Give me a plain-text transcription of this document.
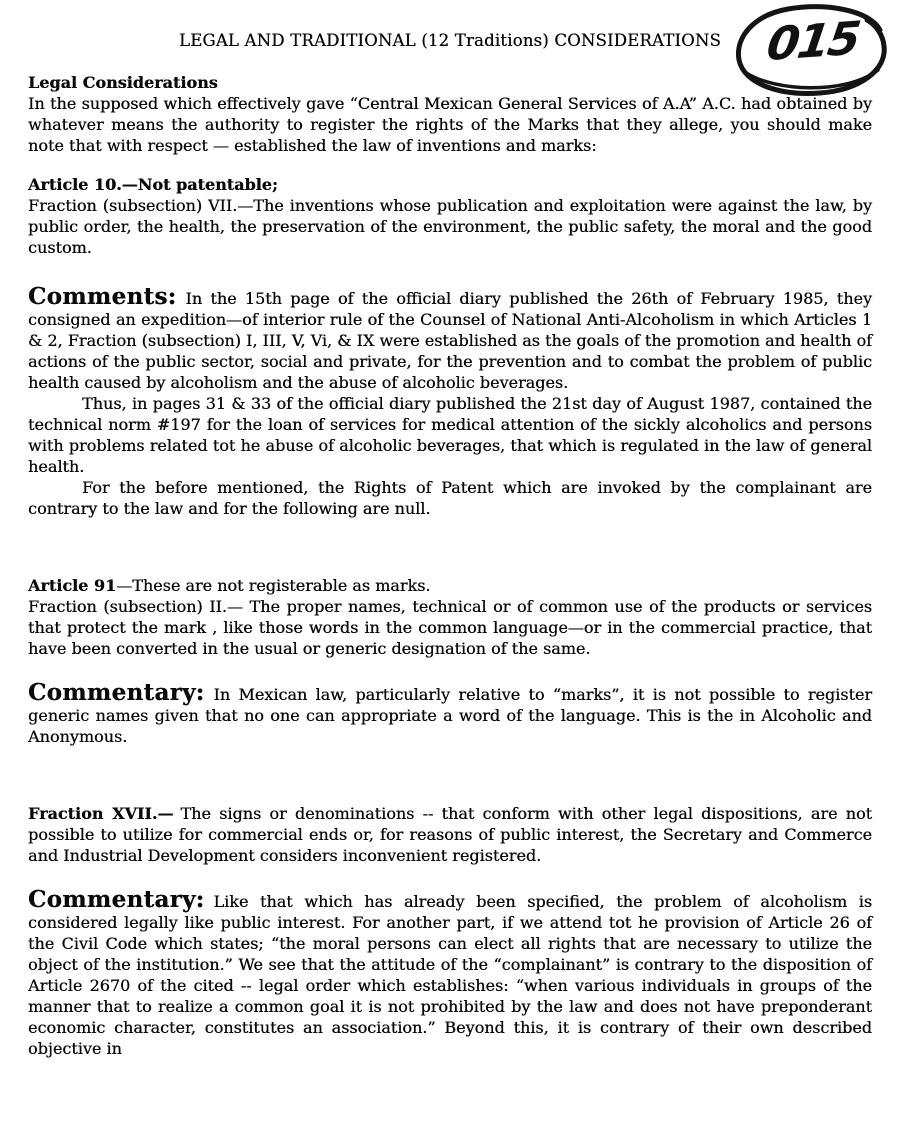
015
LEGAL AND TRADITIONAL (12 Traditions) CONSIDERATIONS

Legal Considerations

In the supposed which effectively gave “Central Mexican General Services of A.A” A.C. had obtained by whatever means the authority to register the rights of the Marks that they allege, you should make note that with respect — established the law of inventions and marks:

Article 10.—Not patentable;

Fraction (subsection) VII.—The inventions whose publication and exploitation were against the law, by public order, the health, the preservation of the environment, the public safety, the moral and the good custom.

Comments: In the 15th page of the official diary published the 26th of February 1985, they consigned an expedition—of interior rule of the Counsel of National Anti-Alcoholism in which Articles 1 & 2, Fraction (subsection) I, III, V, Vi, & IX were established as the goals of the promotion and health of actions of the public sector, social and private, for the prevention and to combat the problem of public health caused by alcoholism and the abuse of alcoholic beverages.

Thus, in pages 31 & 33 of the official diary published the 21st day of August 1987, contained the technical norm #197 for the loan of services for medical attention of the sickly alcoholics and persons with problems related tot he abuse of alcoholic beverages, that which is regulated in the law of general health.

For the before mentioned, the Rights of Patent which are invoked by the complainant are contrary to the law and for the following are null.

Article 91—These are not registerable as marks.

Fraction (subsection) II.— The proper names, technical or of common use of the products or services that protect the mark , like those words in the common language—or in the commercial practice, that have been converted in the usual or generic designation of the same.

Commentary: In Mexican law, particularly relative to “marks”, it is not possible to register generic names given that no one can appropriate a word of the language. This is the in Alcoholic and Anonymous.

Fraction XVII.— The signs or denominations -- that conform with other legal dispositions, are not possible to utilize for commercial ends or, for reasons of public interest, the Secretary and Commerce and Industrial Development considers inconvenient registered.

Commentary: Like that which has already been specified, the problem of alcoholism is considered legally like public interest. For another part, if we attend tot he provision of Article 26 of the Civil Code which states; “the moral persons can elect all rights that are necessary to utilize the object of the institution.” We see that the attitude of the “complainant” is contrary to the disposition of Article 2670 of the cited -- legal order which establishes: “when various individuals in groups of the manner that to realize a common goal it is not prohibited by the law and does not have preponderant economic character, constitutes an association.” Beyond this, it is contrary of their own described objective in
